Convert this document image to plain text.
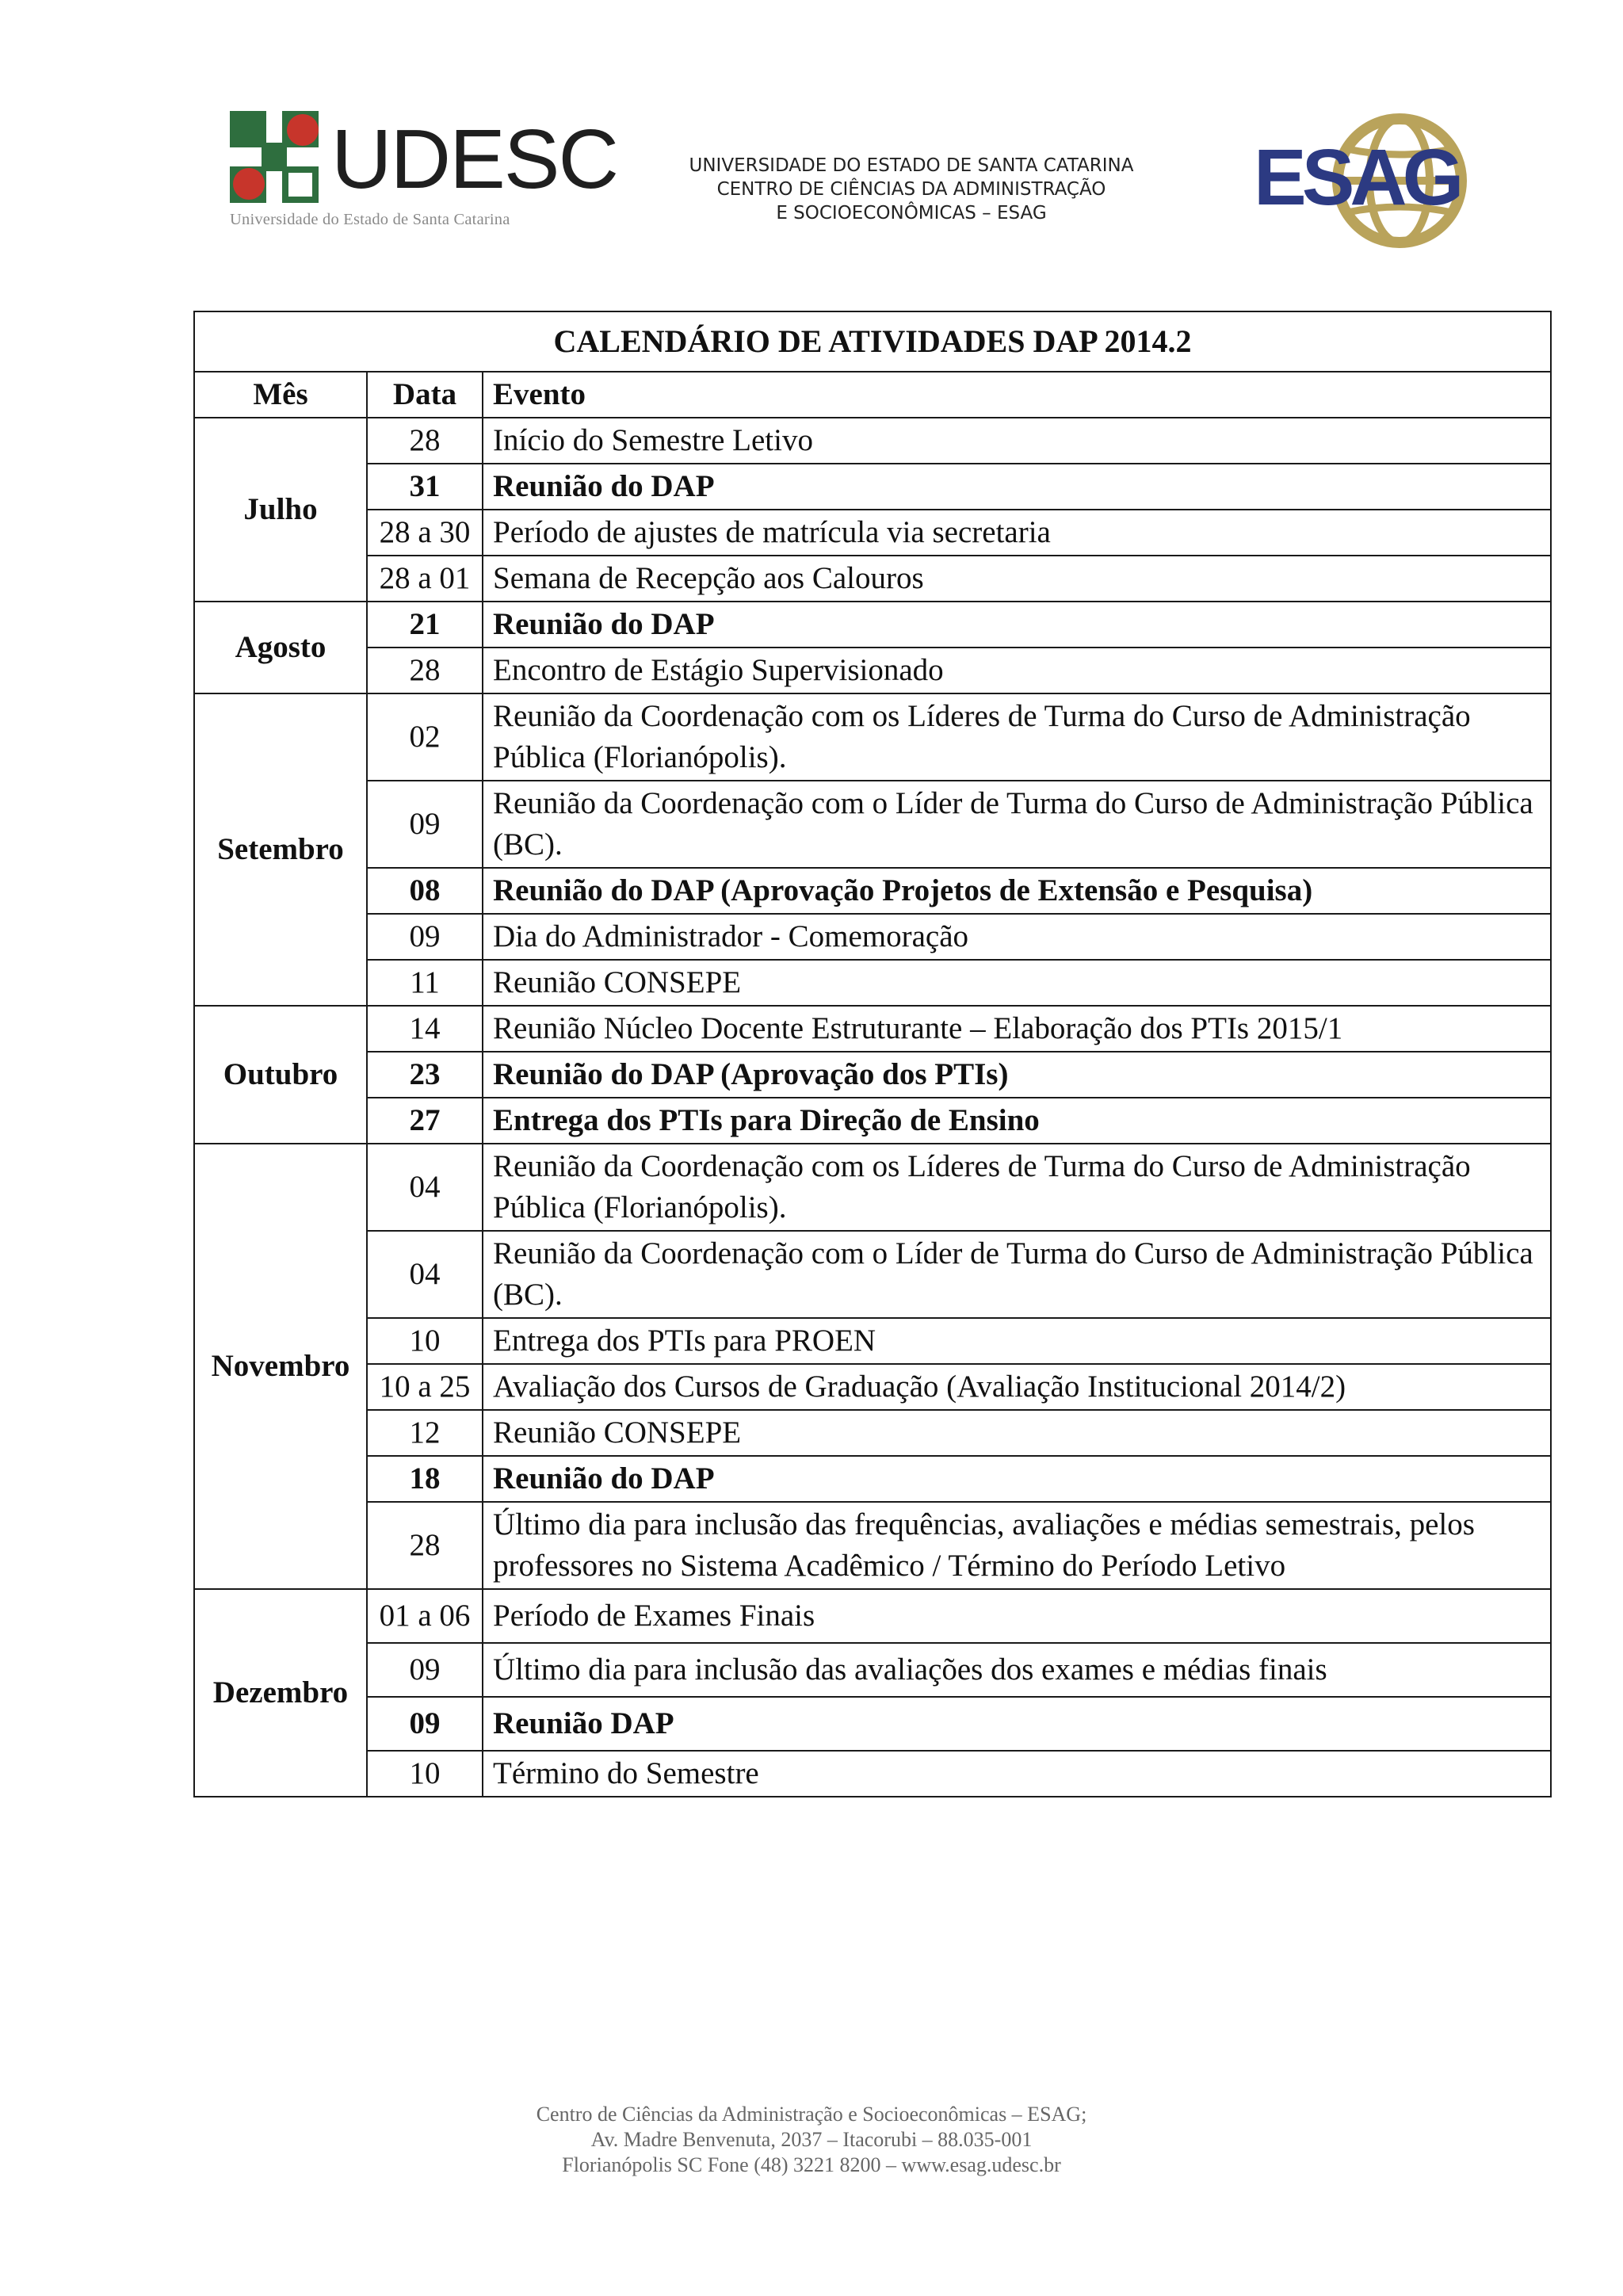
UDESC
Universidade do Estado de Santa Catarina
UNIVERSIDADE DO ESTADO DE SANTA CATARINA
CENTRO DE CIÊNCIAS DA ADMINISTRAÇÃO
E SOCIOECONÔMICAS – ESAG	ESAG
CALENDÁRIO DE ATIVIDADES DAP 2014.2		
Mês	Data	Evento
Julho	28	Início do Semestre Letivo
	31	Reunião do DAP
	28 a 30	Período de ajustes de matrícula via secretaria
	28 a 01	Semana de Recepção aos Calouros
Agosto	21	Reunião do DAP
	28	Encontro de Estágio Supervisionado
Setembro	02	Reunião da Coordenação com os Líderes de Turma do Curso de Administração Pública (Florianópolis).
	09	Reunião da Coordenação com o Líder de Turma do Curso de Administração Pública (BC).
	08	Reunião do DAP (Aprovação Projetos de Extensão e Pesquisa)
	09	Dia do Administrador - Comemoração
	11	Reunião CONSEPE
Outubro	14	Reunião Núcleo Docente Estruturante – Elaboração dos PTIs 2015/1
	23	Reunião do DAP (Aprovação dos PTIs)
	27	Entrega dos PTIs para Direção de Ensino
Novembro	04	Reunião da Coordenação com os Líderes de Turma do Curso de Administração Pública (Florianópolis).
	04	Reunião da Coordenação com o Líder de Turma do Curso de Administração Pública (BC).
	10	Entrega dos PTIs para PROEN
	10 a 25	Avaliação dos Cursos de Graduação (Avaliação Institucional 2014/2)
	12	Reunião CONSEPE
	18	Reunião do DAP
	28	Último dia para inclusão das frequências, avaliações e médias semestrais, pelos professores no Sistema Acadêmico / Término do Período Letivo
Dezembro	01 a 06	Período de Exames Finais
	09	Último dia para inclusão das avaliações dos exames e médias finais
	09	Reunião DAP
	10	Término do Semestre
Centro de Ciências da Administração e Socioeconômicas – ESAG;
Av. Madre Benvenuta, 2037 – Itacorubi – 88.035-001
Florianópolis SC Fone (48) 3221 8200 – www.esag.udesc.br
